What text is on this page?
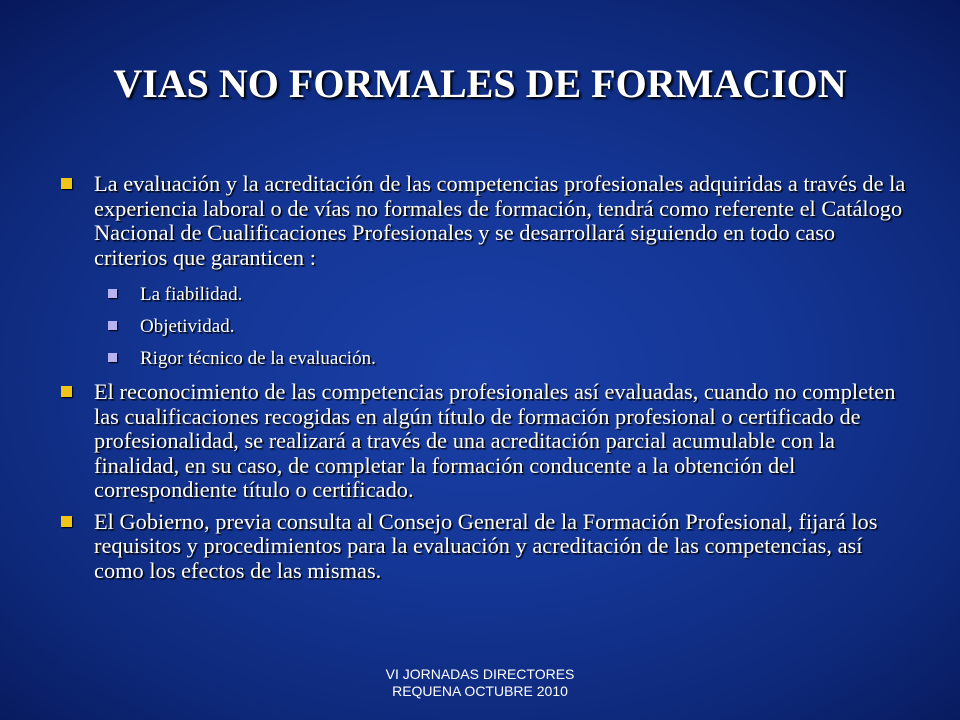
VIAS NO FORMALES DE FORMACION
La evaluación y la acreditación de las competencias profesionales adquiridas a través de la experiencia laboral o de vías no formales de formación, tendrá como referente el Catálogo Nacional de Cualificaciones Profesionales y se desarrollará siguiendo en todo caso criterios que garanticen :
La fiabilidad.
Objetividad.
Rigor técnico de la evaluación.
El reconocimiento de las competencias profesionales así evaluadas, cuando no completen las cualificaciones recogidas en algún título de formación profesional o certificado de profesionalidad, se realizará a través de una acreditación parcial acumulable con la finalidad, en su caso, de completar la formación conducente a la obtención del correspondiente título o certificado.
El Gobierno, previa consulta al Consejo General de la Formación Profesional, fijará los requisitos y procedimientos para la evaluación y acreditación de las competencias, así como los efectos de las mismas.
VI JORNADAS DIRECTORES
REQUENA OCTUBRE 2010
